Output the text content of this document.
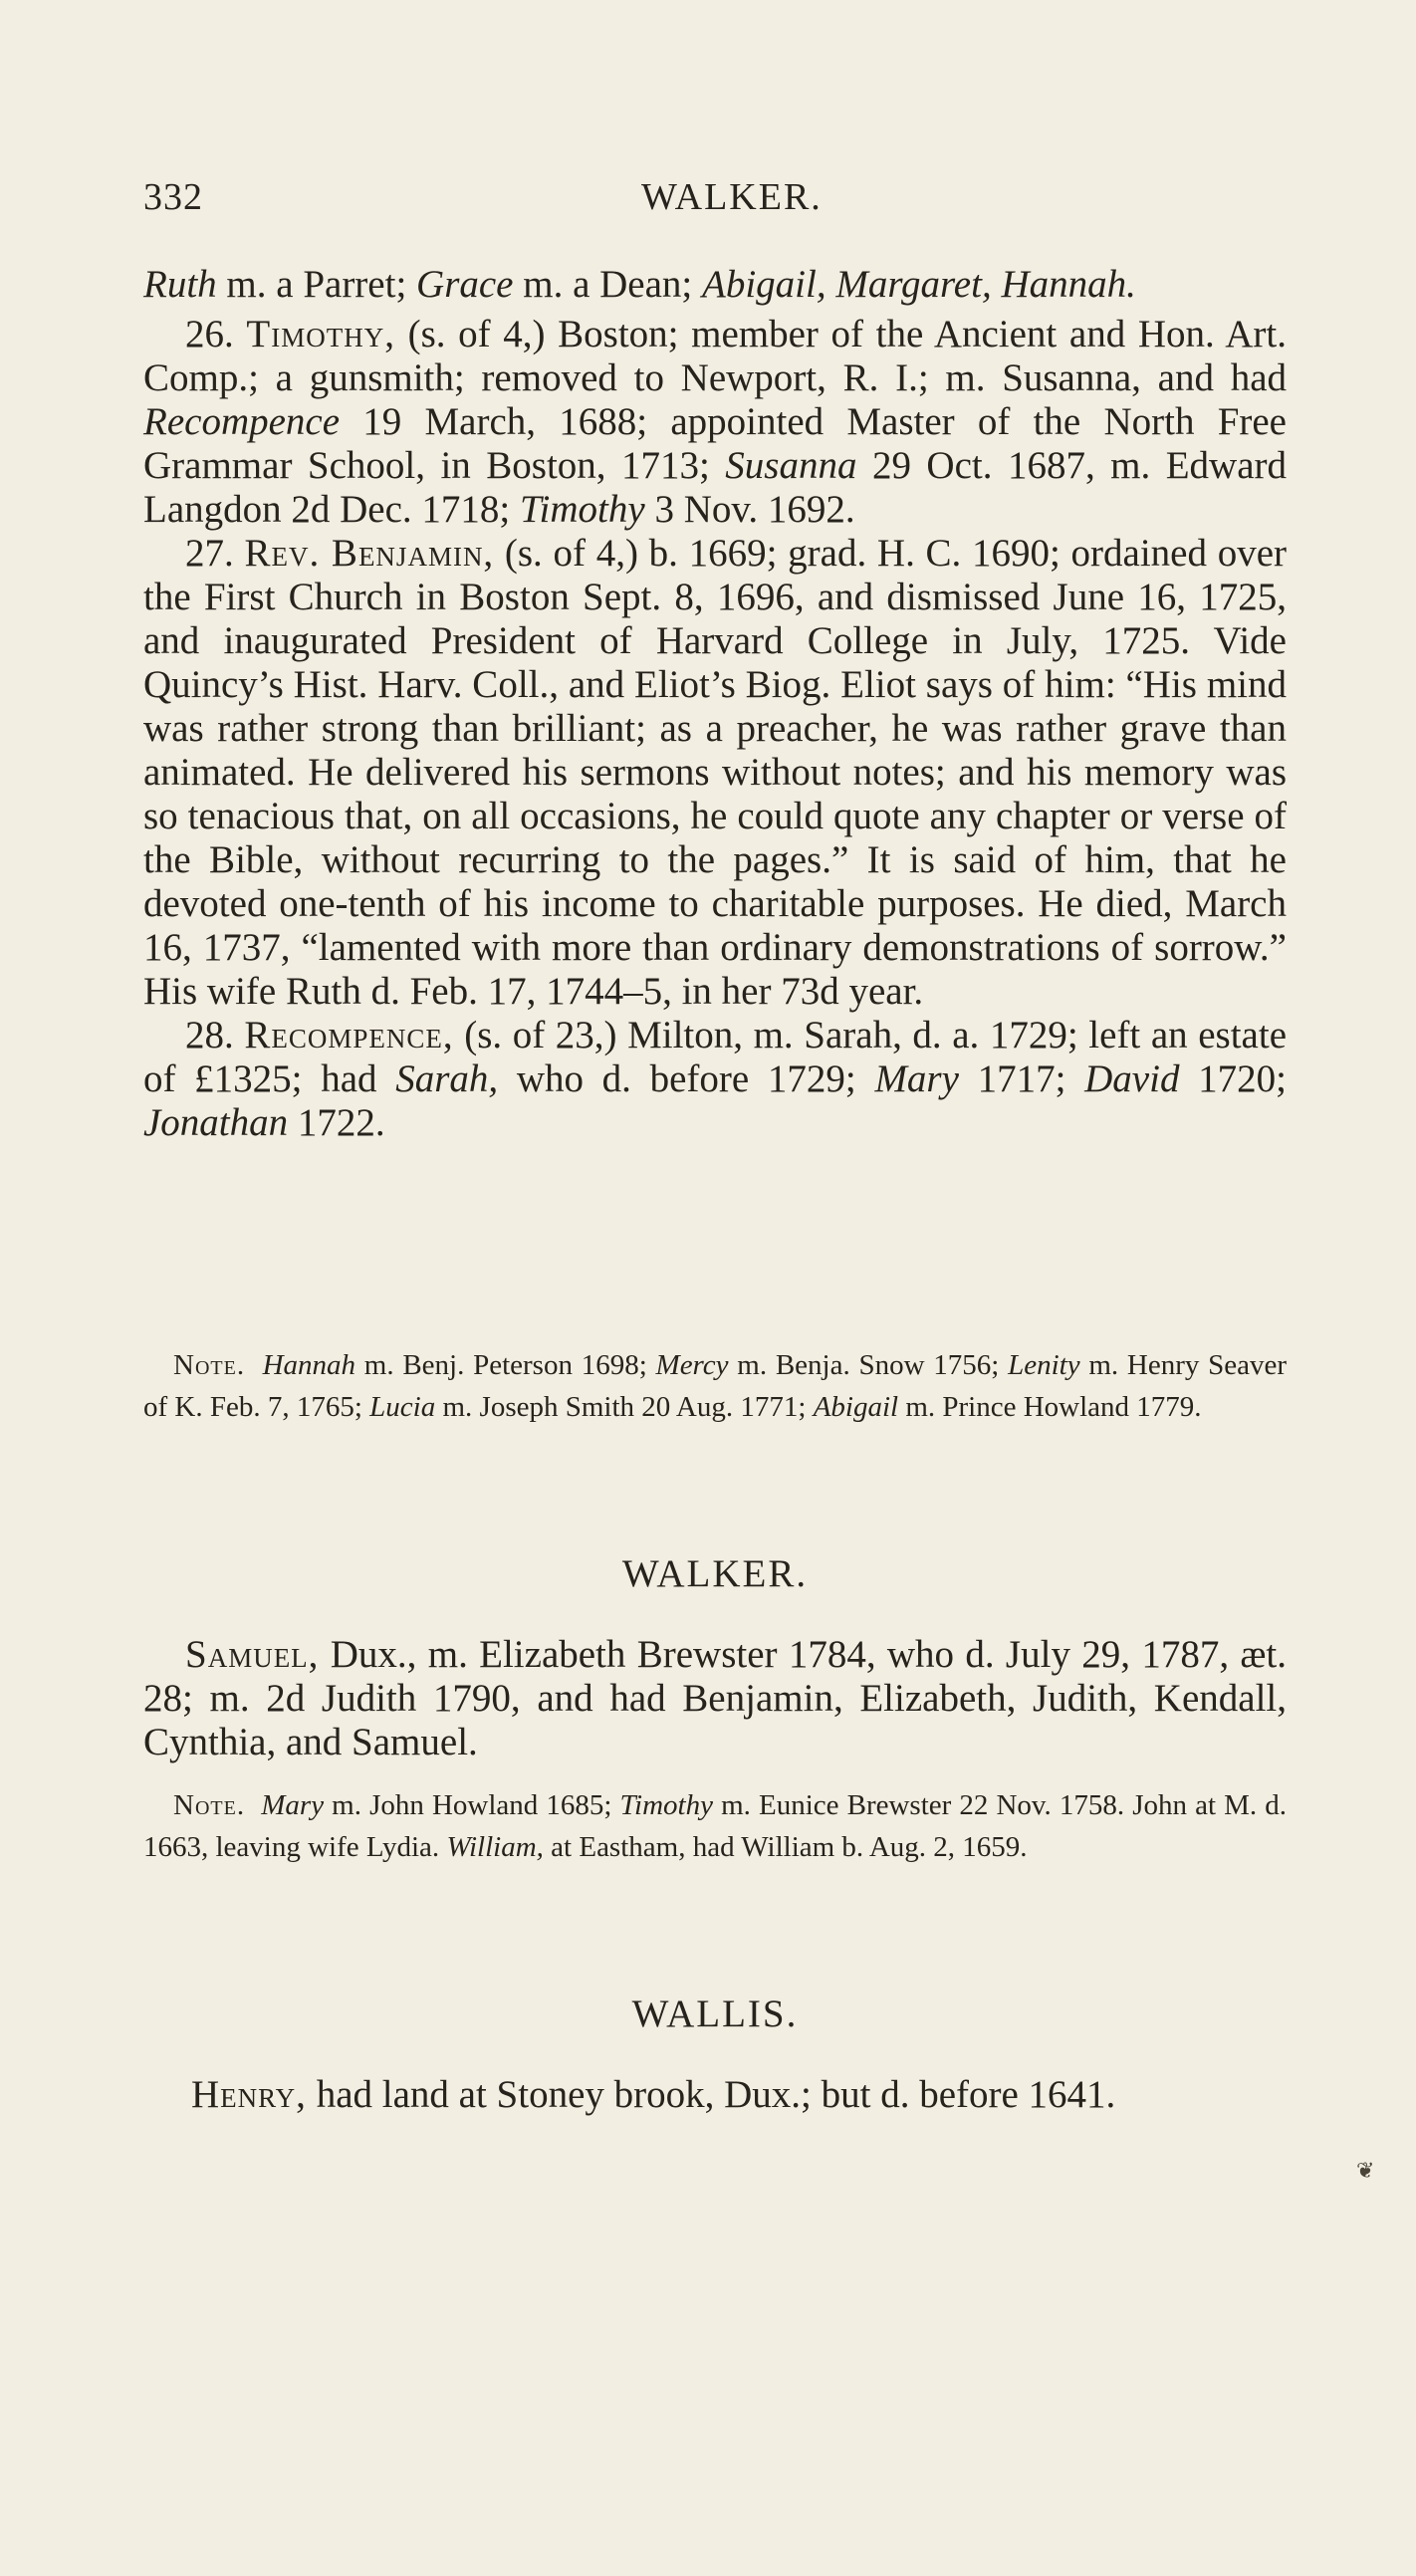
332	WALKER.

Ruth m. a Parret; Grace m. a Dean; Abigail, Margaret, Hannah.

26. Timothy, (s. of 4,) Boston; member of the Ancient and Hon. Art. Comp.; a gunsmith; removed to Newport, R. I.; m. Susanna, and had Recompence 19 March, 1688; appointed Master of the North Free Grammar School, in Boston, 1713; Susanna 29 Oct. 1687, m. Edward Langdon 2d Dec. 1718; Timothy 3 Nov. 1692.

27. Rev. Benjamin, (s. of 4,) b. 1669; grad. H. C. 1690; ordained over the First Church in Boston Sept. 8, 1696, and dismissed June 16, 1725, and inaugurated President of Harvard College in July, 1725. Vide Quincy’s Hist. Harv. Coll., and Eliot’s Biog. Eliot says of him: “His mind was rather strong than brilliant; as a preacher, he was rather grave than animated. He delivered his sermons without notes; and his memory was so tenacious that, on all occasions, he could quote any chapter or verse of the Bible, without recurring to the pages.” It is said of him, that he devoted one-tenth of his income to charitable purposes. He died, March 16, 1737, “lamented with more than ordinary demonstrations of sorrow.” His wife Ruth d. Feb. 17, 1744–5, in her 73d year.

28. Recompence, (s. of 23,) Milton, m. Sarah, d. a. 1729; left an estate of £1325; had Sarah, who d. before 1729; Mary 1717; David 1720; Jonathan 1722.

Note. Hannah m. Benj. Peterson 1698; Mercy m. Benja. Snow 1756; Lenity m. Henry Seaver of K. Feb. 7, 1765; Lucia m. Joseph Smith 20 Aug. 1771; Abigail m. Prince Howland 1779.

WALKER.

Samuel, Dux., m. Elizabeth Brewster 1784, who d. July 29, 1787, æt. 28; m. 2d Judith 1790, and had Benjamin, Elizabeth, Judith, Kendall, Cynthia, and Samuel.

Note. Mary m. John Howland 1685; Timothy m. Eunice Brewster 22 Nov. 1758. John at M. d. 1663, leaving wife Lydia. William, at Eastham, had William b. Aug. 2, 1659.

WALLIS.
Henry, had land at Stoney brook, Dux.; but d. before 1641.
❦
